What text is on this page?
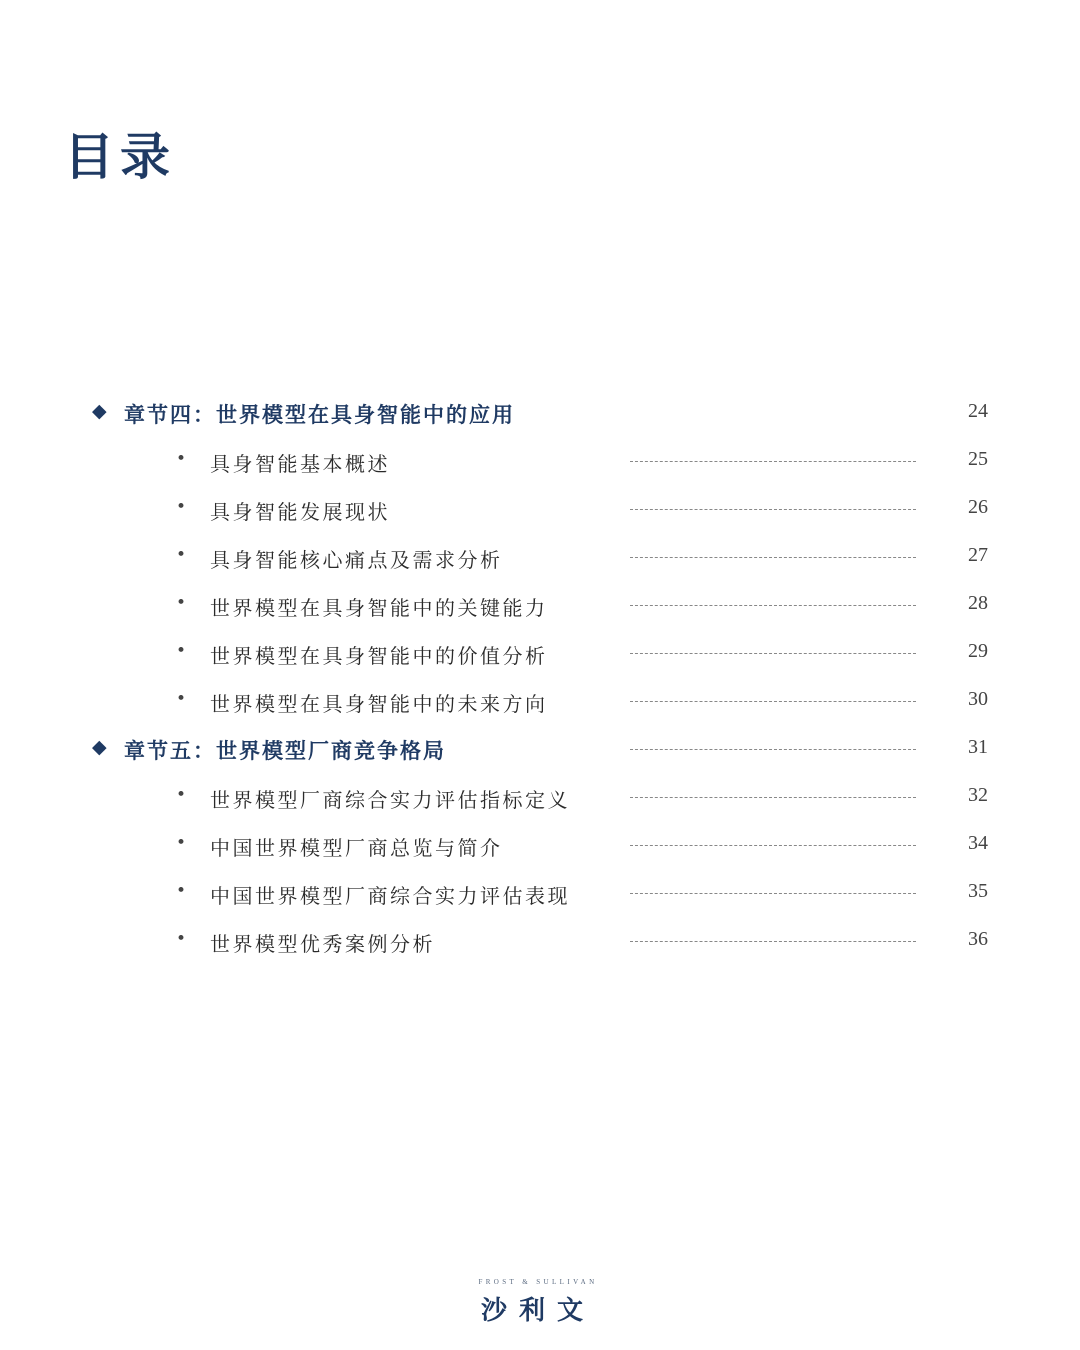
目录
◆ 章节四：世界模型在具身智能中的应用	24
• 具身智能基本概述	25
• 具身智能发展现状	26
• 具身智能核心痛点及需求分析	27
• 世界模型在具身智能中的关键能力	28
• 世界模型在具身智能中的价值分析	29
• 世界模型在具身智能中的未来方向	30
◆ 章节五：世界模型厂商竞争格局	31
• 世界模型厂商综合实力评估指标定义	32
• 中国世界模型厂商总览与简介	34
• 中国世界模型厂商综合实力评估表现	35
• 世界模型优秀案例分析	36
FROST & SULLIVAN
沙利文
